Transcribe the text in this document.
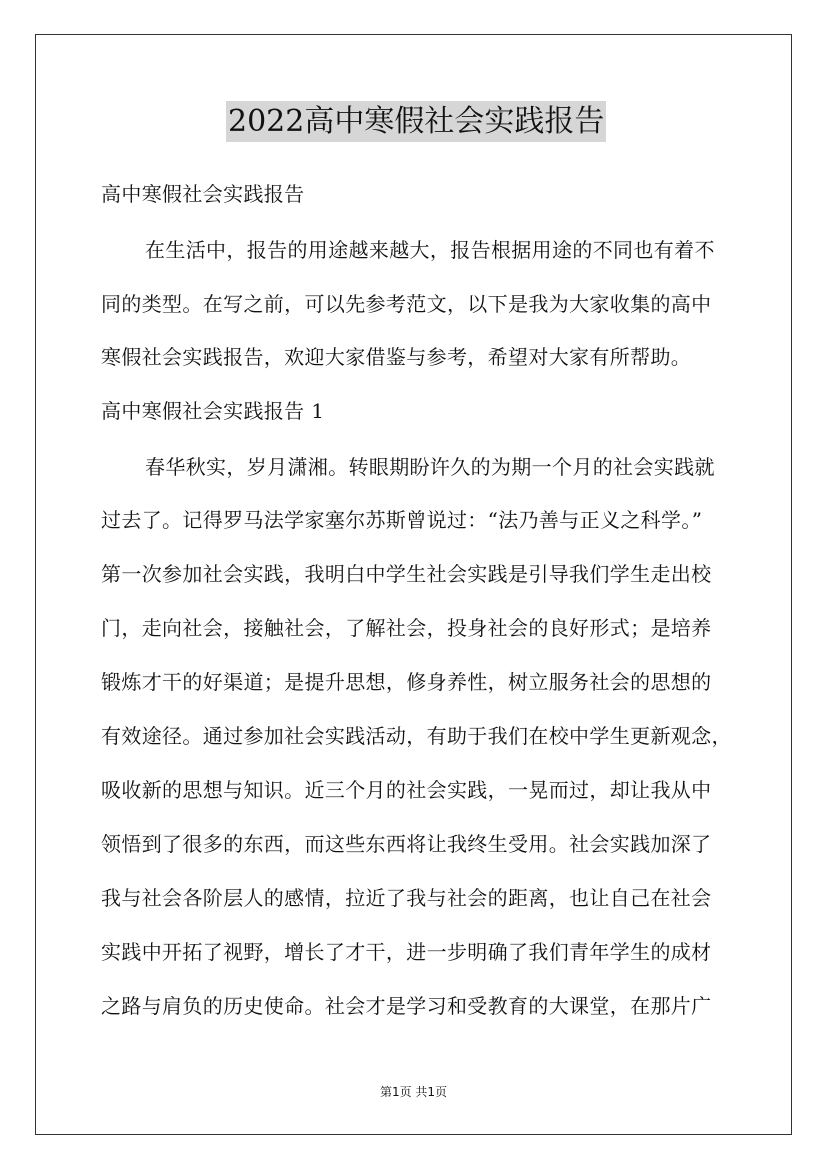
2022高中寒假社会实践报告
高中寒假社会实践报告
在生活中，报告的用途越来越大，报告根据用途的不同也有着不
同的类型。在写之前，可以先参考范文，以下是我为大家收集的高中
寒假社会实践报告，欢迎大家借鉴与参考，希望对大家有所帮助。
高中寒假社会实践报告 1
春华秋实，岁月潇湘。转眼期盼许久的为期一个月的社会实践就
过去了。记得罗马法学家塞尔苏斯曾说过：“法乃善与正义之科学。”
第一次参加社会实践，我明白中学生社会实践是引导我们学生走出校
门，走向社会，接触社会，了解社会，投身社会的良好形式；是培养
锻炼才干的好渠道；是提升思想，修身养性，树立服务社会的思想的
有效途径。通过参加社会实践活动，有助于我们在校中学生更新观念，
吸收新的思想与知识。近三个月的社会实践，一晃而过，却让我从中
领悟到了很多的东西，而这些东西将让我终生受用。社会实践加深了
我与社会各阶层人的感情，拉近了我与社会的距离，也让自己在社会
实践中开拓了视野，增长了才干，进一步明确了我们青年学生的成材
之路与肩负的历史使命。社会才是学习和受教育的大课堂，在那片广
第1页 共1页
